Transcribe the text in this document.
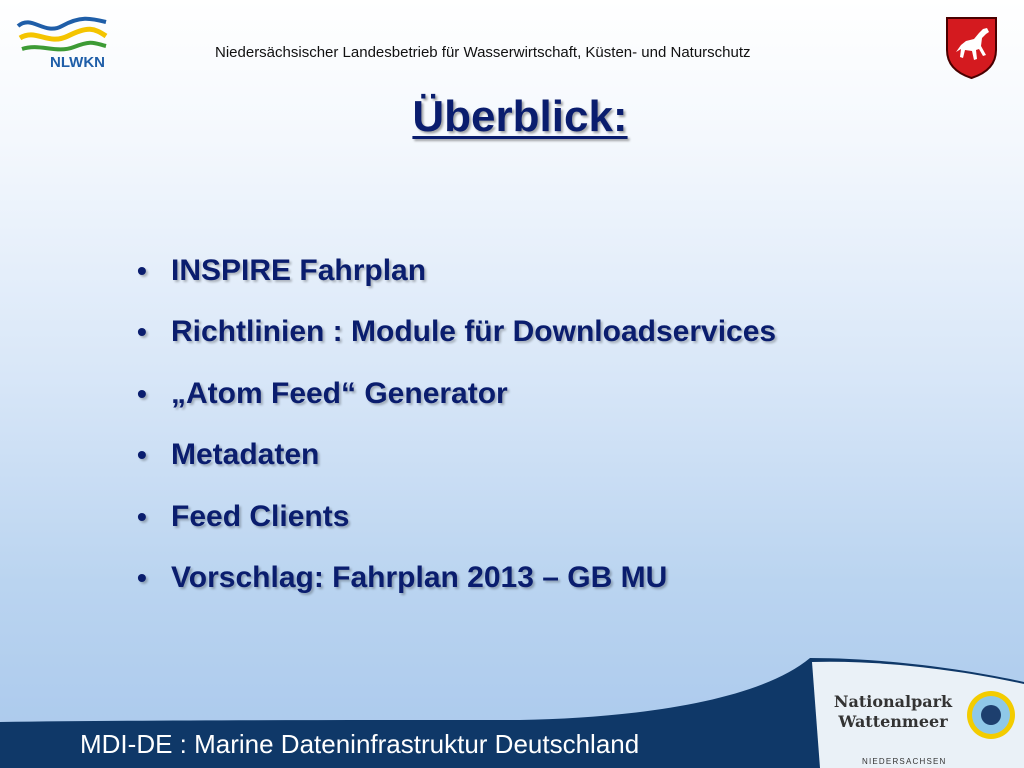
NLWKN
Niedersächsischer Landesbetrieb für Wasserwirtschaft, Küsten- und Naturschutz
Überblick:
• INSPIRE Fahrplan
• Richtlinien : Module für Downloadservices
• „Atom Feed“ Generator
• Metadaten
• Feed Clients
• Vorschlag: Fahrplan 2013 – GB MU
MDI-DE : Marine Dateninfrastruktur Deutschland
Nationalpark
Wattenmeer
NIEDERSACHSEN
